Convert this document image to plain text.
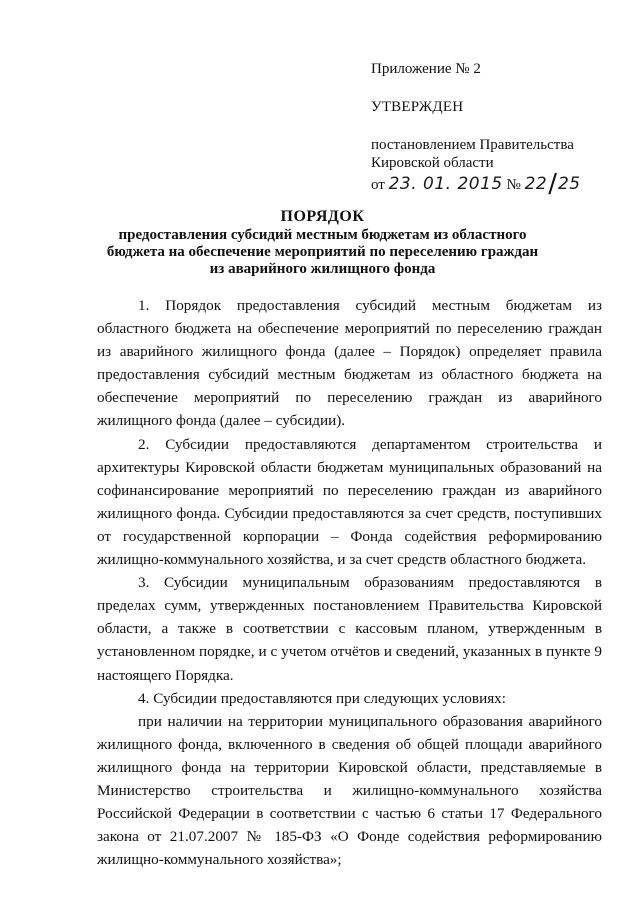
Приложение № 2
УТВЕРЖДЕН
постановлением Правительства
Кировской области
от 23. 01. 2015 № 22/25
ПОРЯДОК
предоставления субсидий местным бюджетам из областного
бюджета на обеспечение мероприятий по переселению граждан
из аварийного жилищного фонда

1. Порядок предоставления субсидий местным бюджетам из областного бюджета на обеспечение мероприятий по переселению граждан из аварийного жилищного фонда (далее – Порядок) определяет правила предоставления субсидий местным бюджетам из областного бюджета на обеспечение мероприятий по переселению граждан из аварийного жилищного фонда (далее – субсидии).

2. Субсидии предоставляются департаментом строительства и архитектуры Кировской области бюджетам муниципальных образований на софинансирование мероприятий по переселению граждан из аварийного жилищного фонда. Субсидии предоставляются за счет средств, поступивших от государственной корпорации – Фонда содействия реформированию жилищно-коммунального хозяйства, и за счет средств областного бюджета.

3. Субсидии муниципальным образованиям предоставляются в пределах сумм, утвержденных постановлением Правительства Кировской области, а также в соответствии с кассовым планом, утвержденным в установленном порядке, и с учетом отчётов и сведений, указанных в пункте 9 настоящего Порядка.

4. Субсидии предоставляются при следующих условиях:

при наличии на территории муниципального образования аварийного жилищного фонда, включенного в сведения об общей площади аварийного жилищного фонда на территории Кировской области, представляемые в Министерство строительства и жилищно-коммунального хозяйства Российской Федерации в соответствии с частью 6 статьи 17 Федерального закона от 21.07.2007 № 185-ФЗ «О Фонде содействия реформированию жилищно-коммунального хозяйства»;
